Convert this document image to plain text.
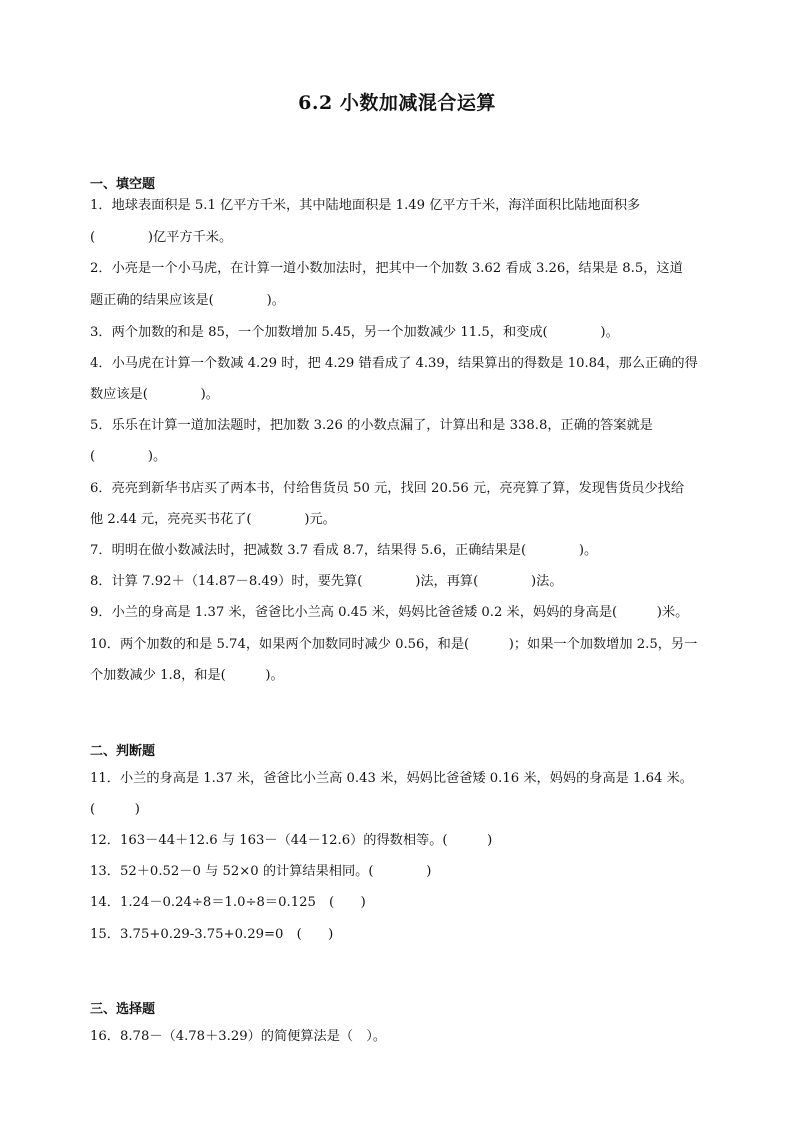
6.2 小数加减混合运算
一、填空题
1．地球表面积是 5.1 亿平方千米，其中陆地面积是 1.49 亿平方千米，海洋面积比陆地面积多
(　　　　)亿平方千米。
2．小亮是一个小马虎，在计算一道小数加法时，把其中一个加数 3.62 看成 3.26，结果是 8.5，这道
题正确的结果应该是(　　　　)。
3．两个加数的和是 85，一个加数增加 5.45，另一个加数减少 11.5，和变成(　　　　)。
4．小马虎在计算一个数减 4.29 时，把 4.29 错看成了 4.39，结果算出的得数是 10.84，那么正确的得
数应该是(　　　　)。
5．乐乐在计算一道加法题时，把加数 3.26 的小数点漏了，计算出和是 338.8，正确的答案就是
(　　　　)。
6．亮亮到新华书店买了两本书，付给售货员 50 元，找回 20.56 元，亮亮算了算，发现售货员少找给
他 2.44 元，亮亮买书花了(　　　　)元。
7．明明在做小数减法时，把减数 3.7 看成 8.7，结果得 5.6，正确结果是(　　　　)。
8．计算 7.92＋（14.87－8.49）时，要先算(　　　　)法，再算(　　　　)法。
9．小兰的身高是 1.37 米，爸爸比小兰高 0.45 米，妈妈比爸爸矮 0.2 米，妈妈的身高是(　　　)米。
10．两个加数的和是 5.74，如果两个加数同时减少 0.56，和是(　　　)；如果一个加数增加 2.5，另一
个加数减少 1.8，和是(　　　)。
二、判断题
11．小兰的身高是 1.37 米，爸爸比小兰高 0.43 米，妈妈比爸爸矮 0.16 米，妈妈的身高是 1.64 米。
(　　　)
12．163－44＋12.6 与 163－（44－12.6）的得数相等。(　　　)
13．52＋0.52－0 与 52×0 的计算结果相同。(　　　　)
14．1.24－0.24÷8＝1.0÷8＝0.125　(　　)
15．3.75+0.29-3.75+0.29=0　(　　)
三、选择题
16．8.78－（4.78＋3.29）的简便算法是（　）。
